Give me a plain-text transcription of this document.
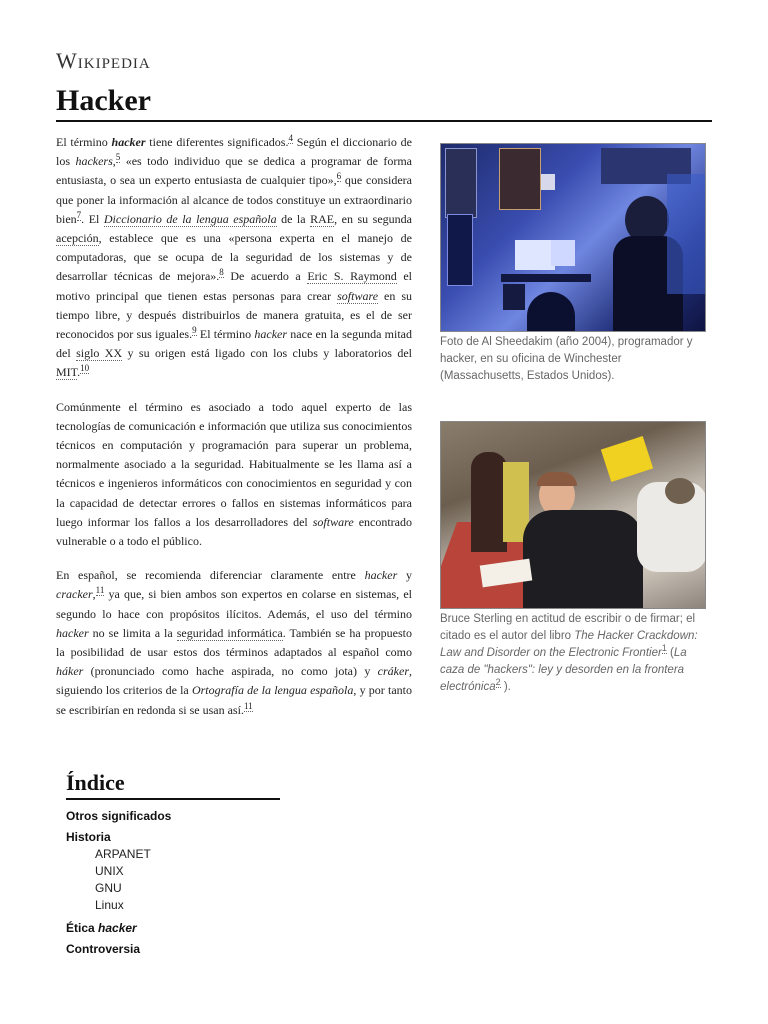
Wikipedia
Hacker

El término hacker tiene diferentes significados.$^4$ Según el diccionario de los hackers,$^5$ «es todo individuo que se dedica a programar de forma entusiasta, o sea un experto entusiasta de cualquier tipo»,$^6$ que considera que poner la información al alcance de todos constituye un extraordinario bien$^7$. El Diccionario de la lengua española de la RAE, en su segunda acepción, establece que es una «persona experta en el manejo de computadoras, que se ocupa de la seguridad de los sistemas y de desarrollar técnicas de mejora».$^8$ De acuerdo a Eric S. Raymond el motivo principal que tienen estas personas para crear software en su tiempo libre, y después distribuirlos de manera gratuita, es el de ser reconocidos por sus iguales.$^9$ El término hacker nace en la segunda mitad del siglo XX y su origen está ligado con los clubs y laboratorios del MIT.$^{10}$

Comúnmente el término es asociado a todo aquel experto de las tecnologías de comunicación e información que utiliza sus conocimientos técnicos en computación y programación para superar un problema, normalmente asociado a la seguridad. Habitualmente se les llama así a técnicos e ingenieros informáticos con conocimientos en seguridad y con la capacidad de detectar errores o fallos en sistemas informáticos para luego informar los fallos a los desarrolladores del software encontrado vulnerable o a todo el público.

En español, se recomienda diferenciar claramente entre hacker y cracker,$^{11}$ ya que, si bien ambos son expertos en colarse en sistemas, el segundo lo hace con propósitos ilícitos. Además, el uso del término hacker no se limita a la seguridad informática. También se ha propuesto la posibilidad de usar estos dos términos adaptados al español como háker (pronunciado como hache aspirada, no como jota) y cráker, siguiendo los criterios de la Ortografía de la lengua española, y por tanto se escribirían en redonda si se usan así.$^{11}$

Foto de Al Sheedakim (año 2004), programador y hacker, en su oficina de Winchester (Massachusetts, Estados Unidos).
Bruce Sterling en actitud de escribir o de firmar; el citado es el autor del libro The Hacker Crackdown: Law and Disorder on the Electronic Frontier$^1$ (La caza de "hackers": ley y desorden en la frontera electrónica$^2$ ).
Índice
Otros significados
Historia
ARPANET
UNIX
GNU
Linux
Ética hacker
Controversia
